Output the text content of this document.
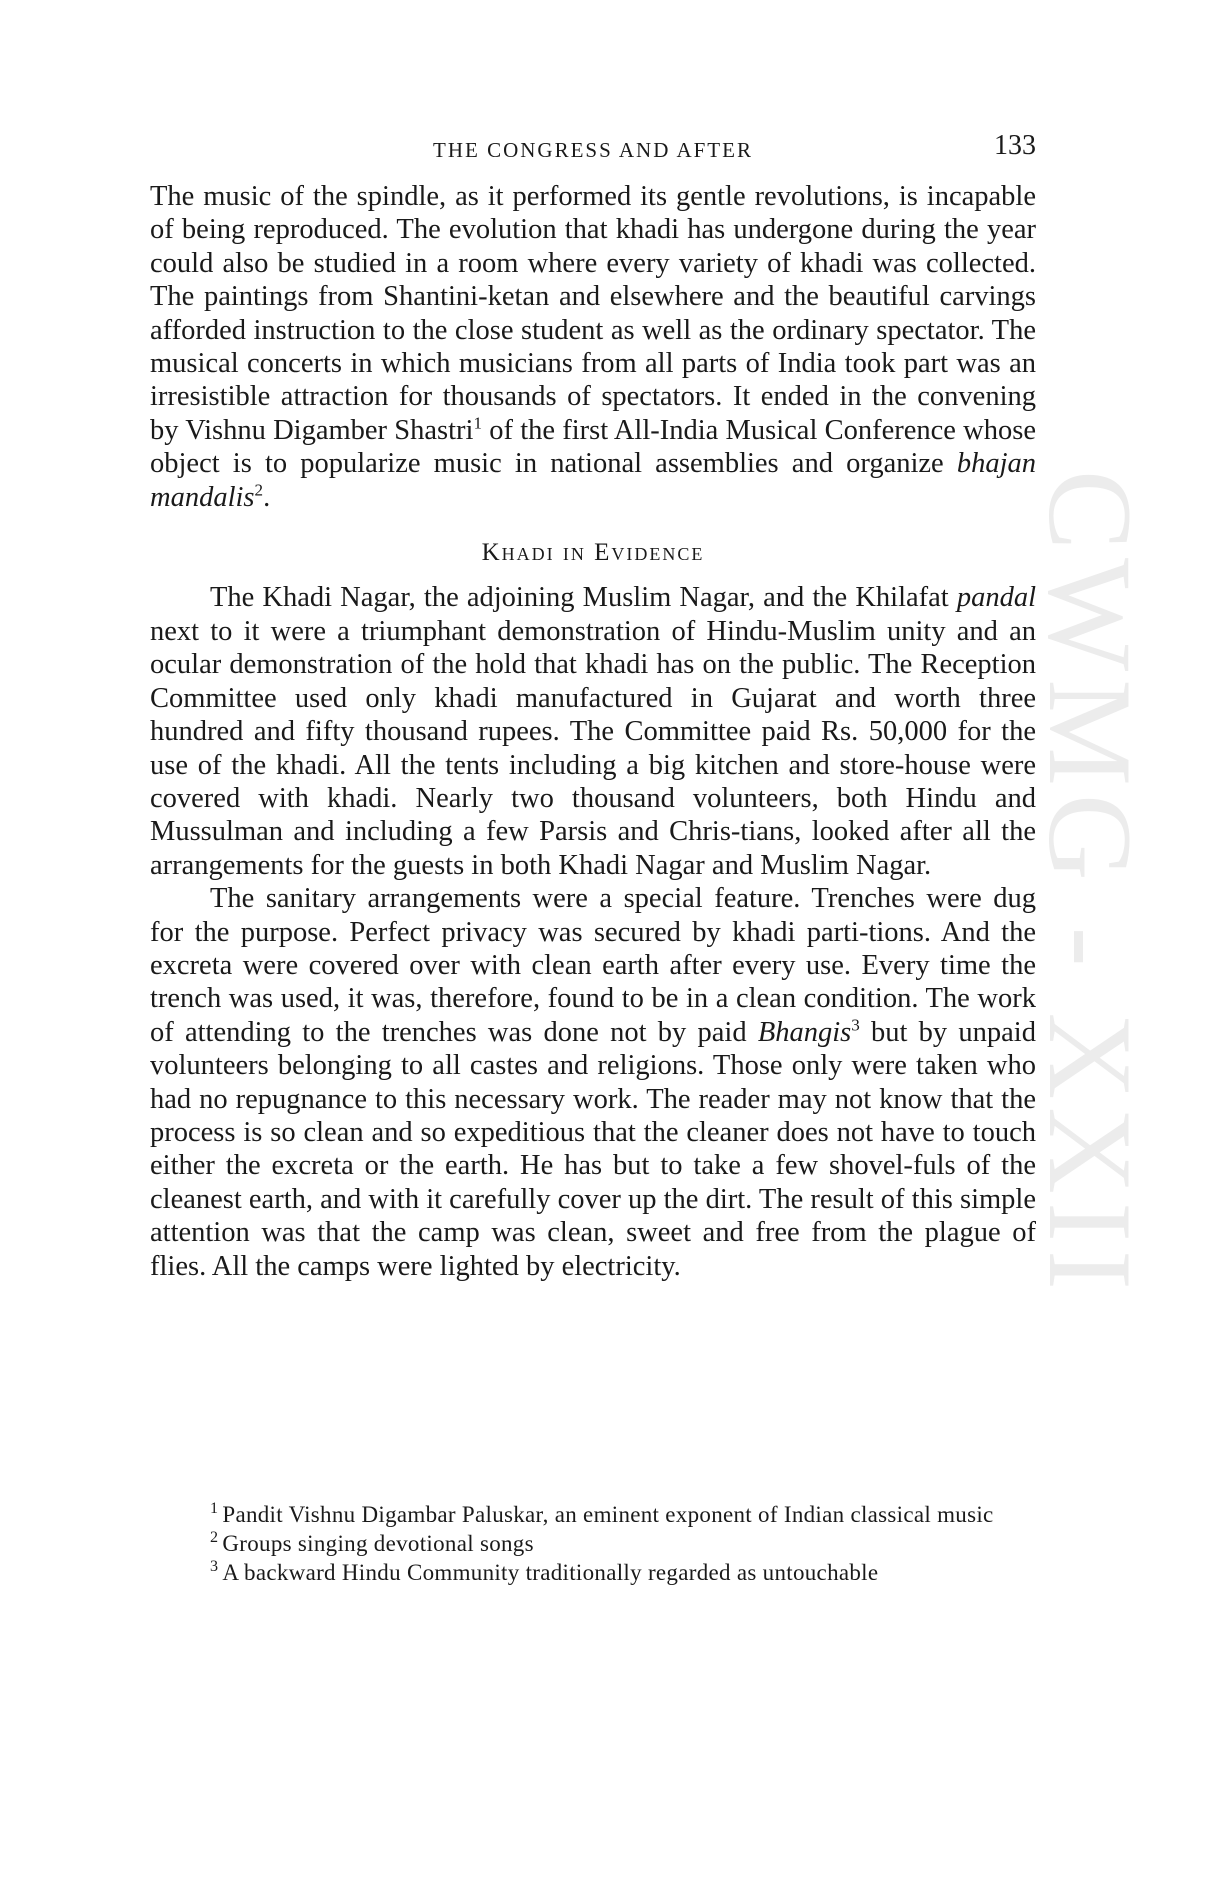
THE CONGRESS AND AFTER	133

The music of the spindle, as it performed its gentle revolutions, is incapable of being reproduced. The evolution that khadi has undergone during the year could also be studied in a room where every variety of khadi was collected. The paintings from Shantini-ketan and elsewhere and the beautiful carvings afforded instruction to the close student as well as the ordinary spectator. The musical concerts in which musicians from all parts of India took part was an irresistible attraction for thousands of spectators. It ended in the convening by Vishnu Digamber Shastri$^1$ of the first All-India Musical Conference whose object is to popularize music in national assemblies and organize bhajan mandalis$^2$.

Khadi in Evidence

The Khadi Nagar, the adjoining Muslim Nagar, and the Khilafat pandal next to it were a triumphant demonstration of Hindu-Muslim unity and an ocular demonstration of the hold that khadi has on the public. The Reception Committee used only khadi manufactured in Gujarat and worth three hundred and fifty thousand rupees. The Committee paid Rs. 50,000 for the use of the khadi. All the tents including a big kitchen and store-house were covered with khadi. Nearly two thousand volunteers, both Hindu and Mussulman and including a few Parsis and Chris-tians, looked after all the arrangements for the guests in both Khadi Nagar and Muslim Nagar.

The sanitary arrangements were a special feature. Trenches were dug for the purpose. Perfect privacy was secured by khadi parti-tions. And the excreta were covered over with clean earth after every use. Every time the trench was used, it was, therefore, found to be in a clean condition. The work of attending to the trenches was done not by paid Bhangis$^3$ but by unpaid volunteers belonging to all castes and religions. Those only were taken who had no repugnance to this necessary work. The reader may not know that the process is so clean and so expeditious that the cleaner does not have to touch either the excreta or the earth. He has but to take a few shovel-fuls of the cleanest earth, and with it carefully cover up the dirt. The result of this simple attention was that the camp was clean, sweet and free from the plague of flies. All the camps were lighted by electricity.

$^1$ Pandit Vishnu Digambar Paluskar, an eminent exponent of Indian classical music

$^2$ Groups singing devotional songs

$^3$ A backward Hindu Community traditionally regarded as untouchable

CWMG - XXII
